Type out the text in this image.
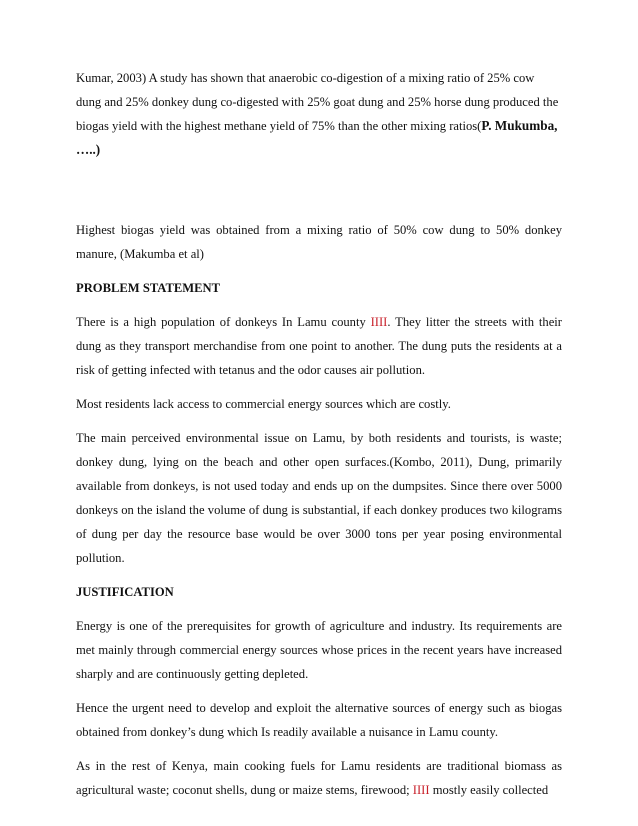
Kumar, 2003) A study has shown that anaerobic co-digestion of a mixing ratio of 25% cow dung and 25% donkey dung co-digested with 25% goat dung and 25% horse dung produced the biogas yield with the highest methane yield of 75% than the other mixing ratios(P. Mukumba, …..)

Highest biogas yield was obtained from a mixing ratio of 50% cow dung to 50% donkey manure, (Makumba et al)

PROBLEM STATEMENT

There is a high population of donkeys In Lamu county IIII. They litter the streets with their dung as they transport merchandise from one point to another. The dung puts the residents at a risk of getting infected with tetanus and the odor causes air pollution.

Most residents lack access to commercial energy sources which are costly.

The main perceived environmental issue on Lamu, by both residents and tourists, is waste; donkey dung, lying on the beach and other open surfaces.(Kombo, 2011), Dung, primarily available from donkeys, is not used today and ends up on the dumpsites. Since there over 5000 donkeys on the island the volume of dung is substantial, if each donkey produces two kilograms of dung per day the resource base would be over 3000 tons per year posing environmental pollution.

JUSTIFICATION

Energy is one of the prerequisites for growth of agriculture and industry. Its requirements are met mainly through commercial energy sources whose prices in the recent years have increased sharply and are continuously getting depleted.

Hence the urgent need to develop and exploit the alternative sources of energy such as biogas obtained from donkey’s dung which Is readily available a nuisance in Lamu county.

As in the rest of Kenya, main cooking fuels for Lamu residents are traditional biomass as agricultural waste; coconut shells, dung or maize stems, firewood; IIII mostly easily collected
